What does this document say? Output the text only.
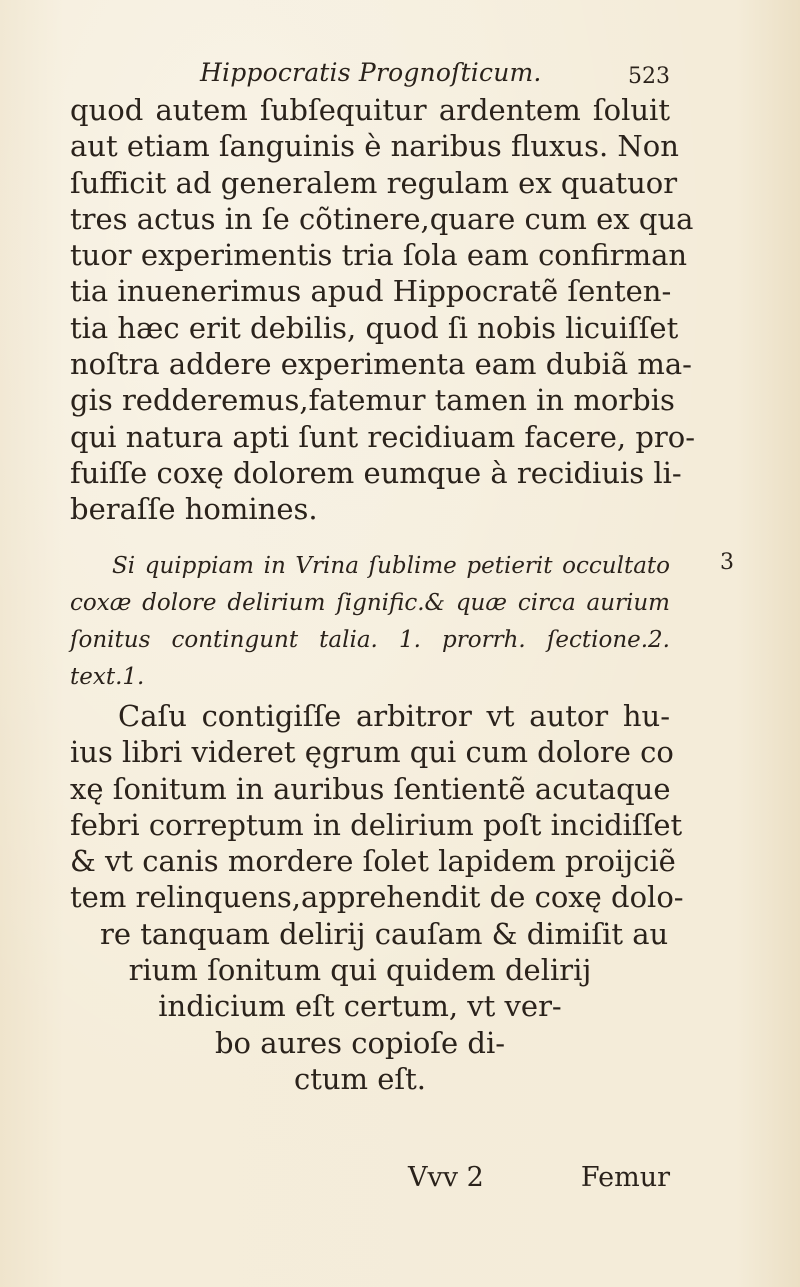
Hippocratis Prognoſticum.	523
quod autem ſubſequitur ardentem ſoluit
aut etiam ſanguinis è naribus fluxus. Non
ſufficit ad generalem regulam ex quatuor
tres actus in ſe cõtinere,quare cum ex qua
tuor experimentis tria ſola eam confirman
tia inuenerimus apud Hippocratẽ ſenten-
tia hæc erit debilis, quod ſi nobis licuiſſet
noſtra addere experimenta eam dubiã ma-
gis redderemus,fatemur tamen in morbis
qui natura apti ſunt recidiuam facere, pro-
fuiſſe coxę dolorem eumque à recidiuis li-
beraſſe homines.
Si quippiam in Vrina ſublime petierit occultato
coxæ dolore delirium ſignific.& quæ circa aurium
ſonitus contingunt talia. 1. prorrh. ſectione.2.
text.1.
3
Caſu contigiſſe arbitror vt autor hu-
ius libri videret ęgrum qui cum dolore co
xę ſonitum in auribus ſentientẽ acutaque
febri correptum in delirium poſt incidiſſet
& vt canis mordere ſolet lapidem proijciẽ
tem relinquens,apprehendit de coxę dolo-
re tanquam delirij cauſam & dimiſit au
rium ſonitum qui quidem delirij
indicium eſt certum, vt ver-
bo aures copioſe di-
ctum eſt.
Vvv 2	Femur
